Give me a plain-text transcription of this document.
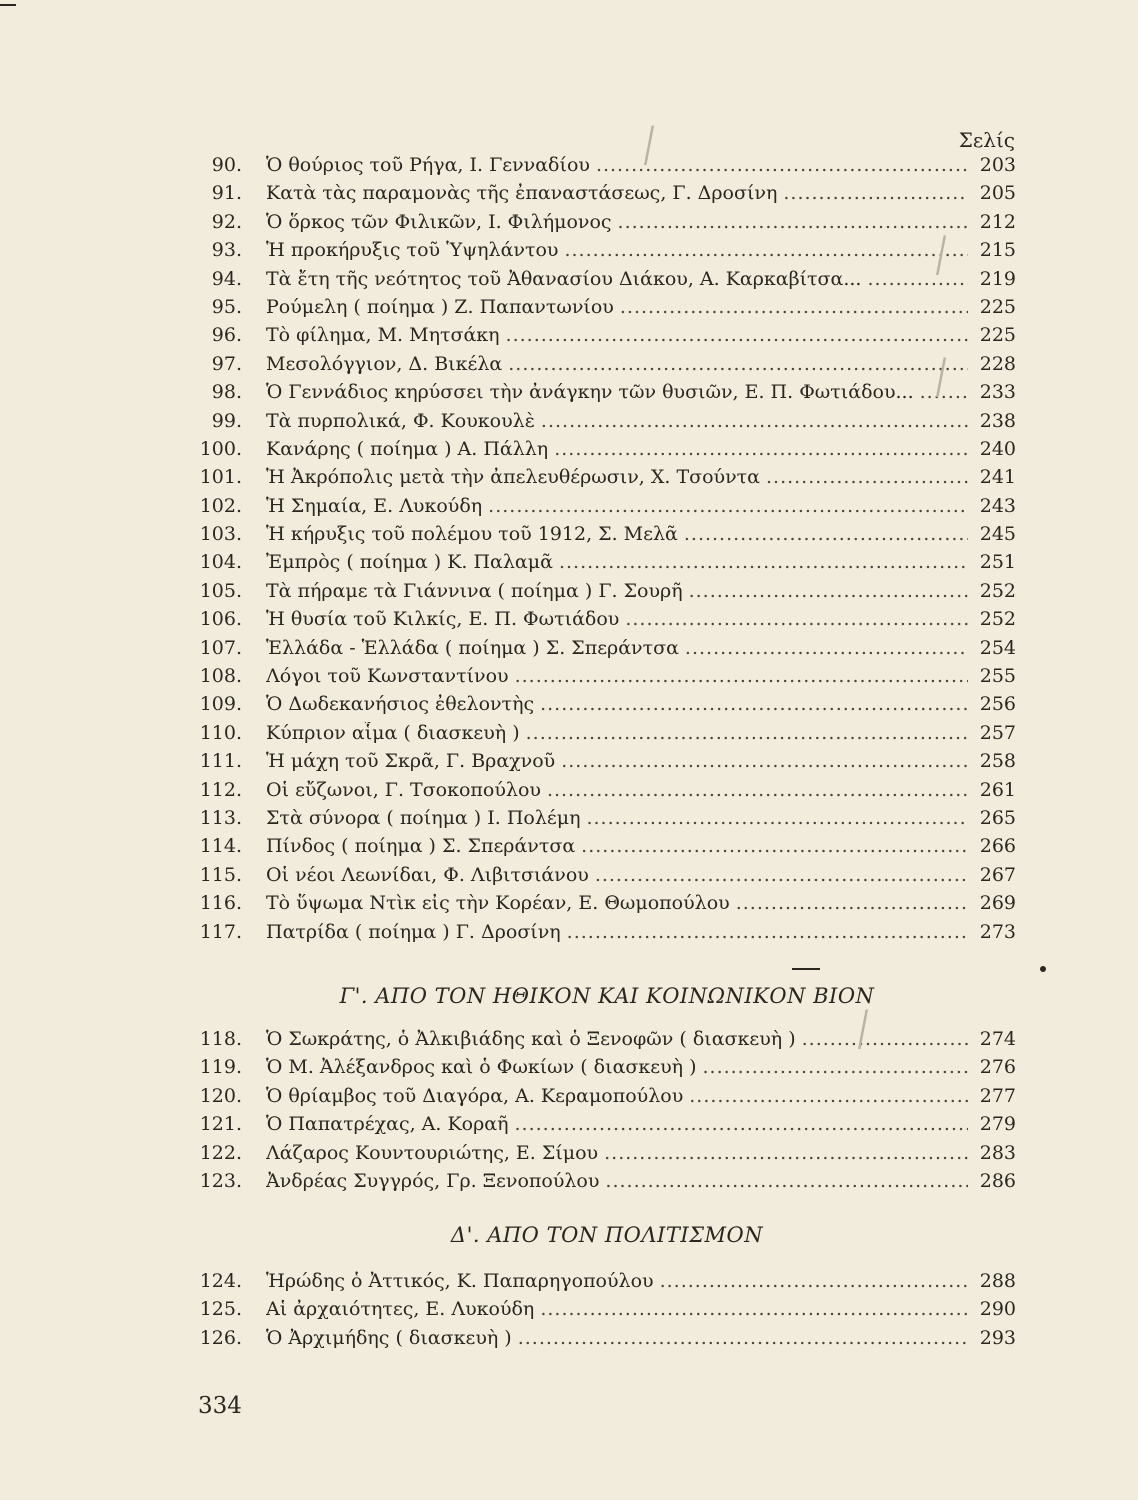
Σελίς
90. Ὁ θούριος τοῦ Ρήγα, Ι. Γενναδίου .....	203
91. Κατὰ τὰς παραμονὰς τῆς ἐπαναστάσεως, Γ. Δροσίνη .....	205
92. Ὁ ὅρκος τῶν Φιλικῶν, Ι. Φιλήμονος .....	212
93. Ἡ προκήρυξις τοῦ Ὑψηλάντου .....	215
94. Τὰ ἔτη τῆς νεότητος τοῦ Ἀθανασίου Διάκου, Α. Καρκαβίτσα... .....	219
95. Ρούμελη ( ποίημα ) Ζ. Παπαντωνίου .....	225
96. Τὸ φίλημα, Μ. Μητσάκη .....	225
97. Μεσολόγγιον, Δ. Βικέλα .....	228
98. Ὁ Γεννάδιος κηρύσσει τὴν ἀνάγκην τῶν θυσιῶν, Ε. Π. Φωτιάδου... .....	233
99. Τὰ πυρπολικά, Φ. Κουκουλὲ .....	238
100. Κανάρης ( ποίημα ) Α. Πάλλη .....	240
101. Ἡ Ἀκρόπολις μετὰ τὴν ἀπελευθέρωσιν, Χ. Τσούντα .....	241
102. Ἡ Σημαία, Ε. Λυκούδη .....	243
103. Ἡ κήρυξις τοῦ πολέμου τοῦ 1912, Σ. Μελᾶ .....	245
104. Ἐμπρὸς ( ποίημα ) Κ. Παλαμᾶ .....	251
105. Τὰ πήραμε τὰ Γιάννινα ( ποίημα ) Γ. Σουρῆ .....	252
106. Ἡ θυσία τοῦ Κιλκίς, Ε. Π. Φωτιάδου .....	252
107. Ἑλλάδα - Ἑλλάδα ( ποίημα ) Σ. Σπεράντσα .....	254
108. Λόγοι τοῦ Κωνσταντίνου .....	255
109. Ὁ Δωδεκανήσιος ἐθελοντὴς .....	256
110. Κύπριον αἷμα ( διασκευὴ ) .....	257
111. Ἡ μάχη τοῦ Σκρᾶ, Γ. Βραχνοῦ .....	258
112. Οἱ εὔζωνοι, Γ. Τσοκοπούλου .....	261
113. Στὰ σύνορα ( ποίημα ) Ι. Πολέμη .....	265
114. Πίνδος ( ποίημα ) Σ. Σπεράντσα .....	266
115. Οἱ νέοι Λεωνίδαι, Φ. Λιβιτσιάνου .....	267
116. Τὸ ὕψωμα Ντὶκ εἰς τὴν Κορέαν, Ε. Θωμοπούλου .....	269
117. Πατρίδα ( ποίημα ) Γ. Δροσίνη .....	273
Γ'. ΑΠΟ ΤΟΝ ΗΘΙΚΟΝ ΚΑΙ ΚΟΙΝΩΝΙΚΟΝ ΒΙΟΝ
118. Ὁ Σωκράτης, ὁ Ἀλκιβιάδης καὶ ὁ Ξενοφῶν ( διασκευὴ ) .....	274
119. Ὁ Μ. Ἀλέξανδρος καὶ ὁ Φωκίων ( διασκευὴ ) .....	276
120. Ὁ θρίαμβος τοῦ Διαγόρα, Α. Κεραμοπούλου .....	277
121. Ὁ Παπατρέχας, Α. Κοραῆ .....	279
122. Λάζαρος Κουντουριώτης, Ε. Σίμου .....	283
123. Ἀνδρέας Συγγρός, Γρ. Ξενοπούλου .....	286
Δ'. ΑΠΟ ΤΟΝ ΠΟΛΙΤΙΣΜΟΝ
124. Ἡρώδης ὁ Ἀττικός, Κ. Παπαρηγοπούλου .....	288
125. Αἱ ἀρχαιότητες, Ε. Λυκούδη .....	290
126. Ὁ Ἀρχιμήδης ( διασκευὴ ) .....	293
334
/
/
/
/
